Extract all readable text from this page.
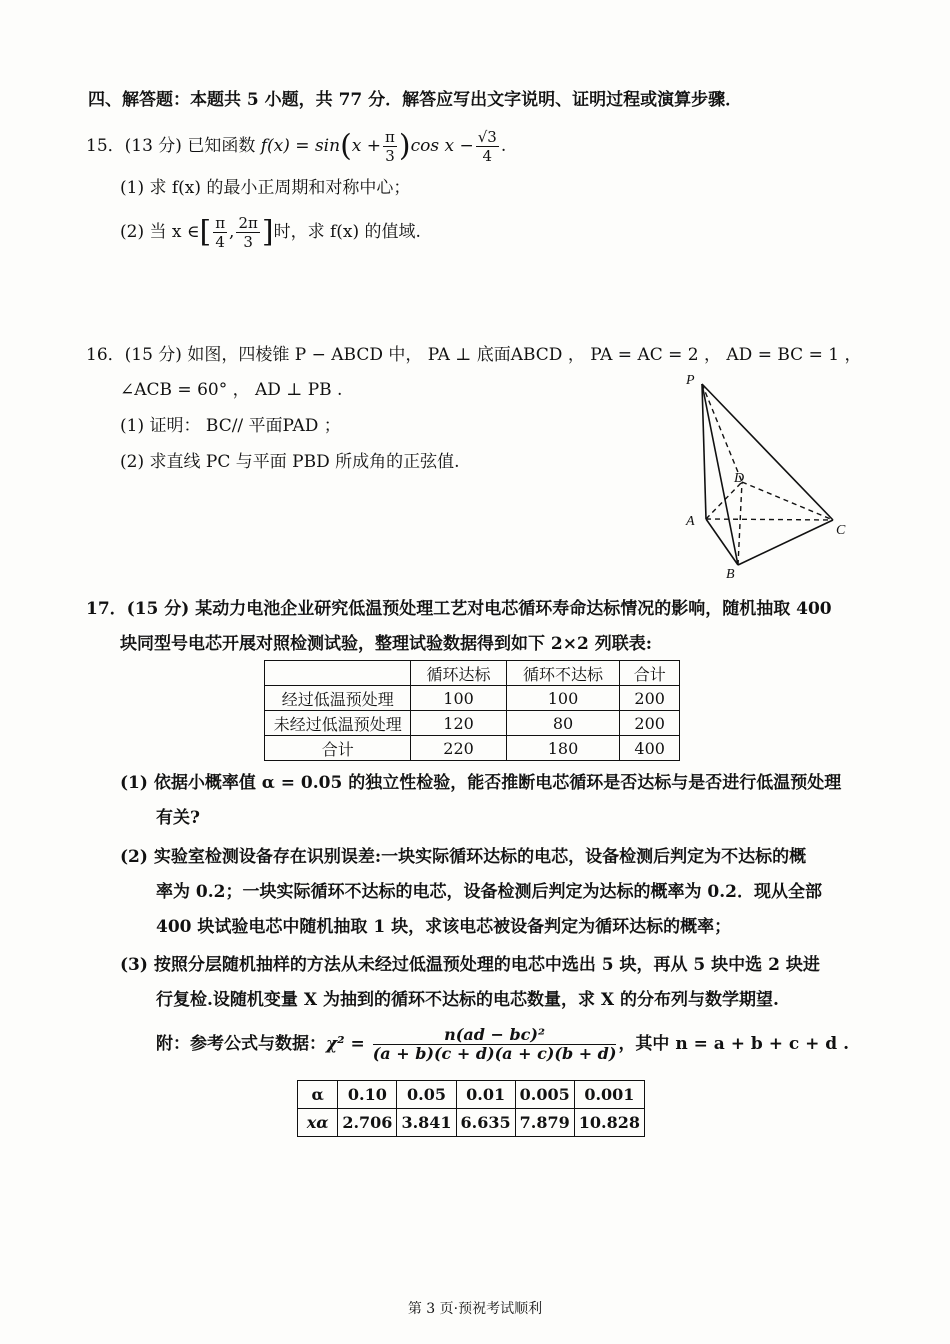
四、解答题：本题共 5 小题，共 77 分．解答应写出文字说明、证明过程或演算步骤．
15．(13 分) 已知函数 $f(x) = \sin(x + \frac{\pi}{3} )\cos$ $x - \frac{√3}{4}$ .
(1) 求 f(x) 的最小正周期和对称中心；
(2) 当 x ∈[ $\frac{\pi}{4}$ , $\frac{2\pi}{3}$ ]时，求 f(x) 的值域.
16．(15 分) 如图，四棱锥 P − ABCD 中， PA ⊥ 底面ABCD ， PA = AC = 2 ， AD = BC = 1 ，
∠ACB = 60° ， AD ⊥ PB .
(1) 证明： BC// 平面PAD ；
(2) 求直线 PC 与平面 PBD 所成角的正弦值.
P
D
A
C
B
17．(15 分) 某动力电池企业研究低温预处理工艺对电芯循环寿命达标情况的影响，随机抽取 400
块同型号电芯开展对照检测试验，整理试验数据得到如下 2×2 列联表:
	循环达标	循环不达标	合计
经过低温预处理	100	100	200
未经过低温预处理	120	80	200
合计	220	180	400
(1) 依据小概率值 α = 0.05 的独立性检验，能否推断电芯循环是否达标与是否进行低温预处理
有关?
(2) 实验室检测设备存在识别误差:一块实际循环达标的电芯，设备检测后判定为不达标的概
率为 0.2；一块实际循环不达标的电芯，设备检测后判定为达标的概率为 0.2．现从全部
400 块试验电芯中随机抽取 1 块，求该电芯被设备判定为循环达标的概率；
(3) 按照分层随机抽样的方法从未经过低温预处理的电芯中选出 5 块，再从 5 块中选 2 块进
行复检.设随机变量 X 为抽到的循环不达标的电芯数量，求 X 的分布列与数学期望.
附：参考公式与数据：$\chi^2 = \frac{\text{n(ad − bc)²}}{(a + b)(c + d)(a + c)(b + d)}$ ，其中 n = a + b + c + d .
α	0.10	0.05	0.01	0.005	0.001
xα	2.706	3.841	6.635	7.879	10.828
第 3 页·预祝考试顺利
